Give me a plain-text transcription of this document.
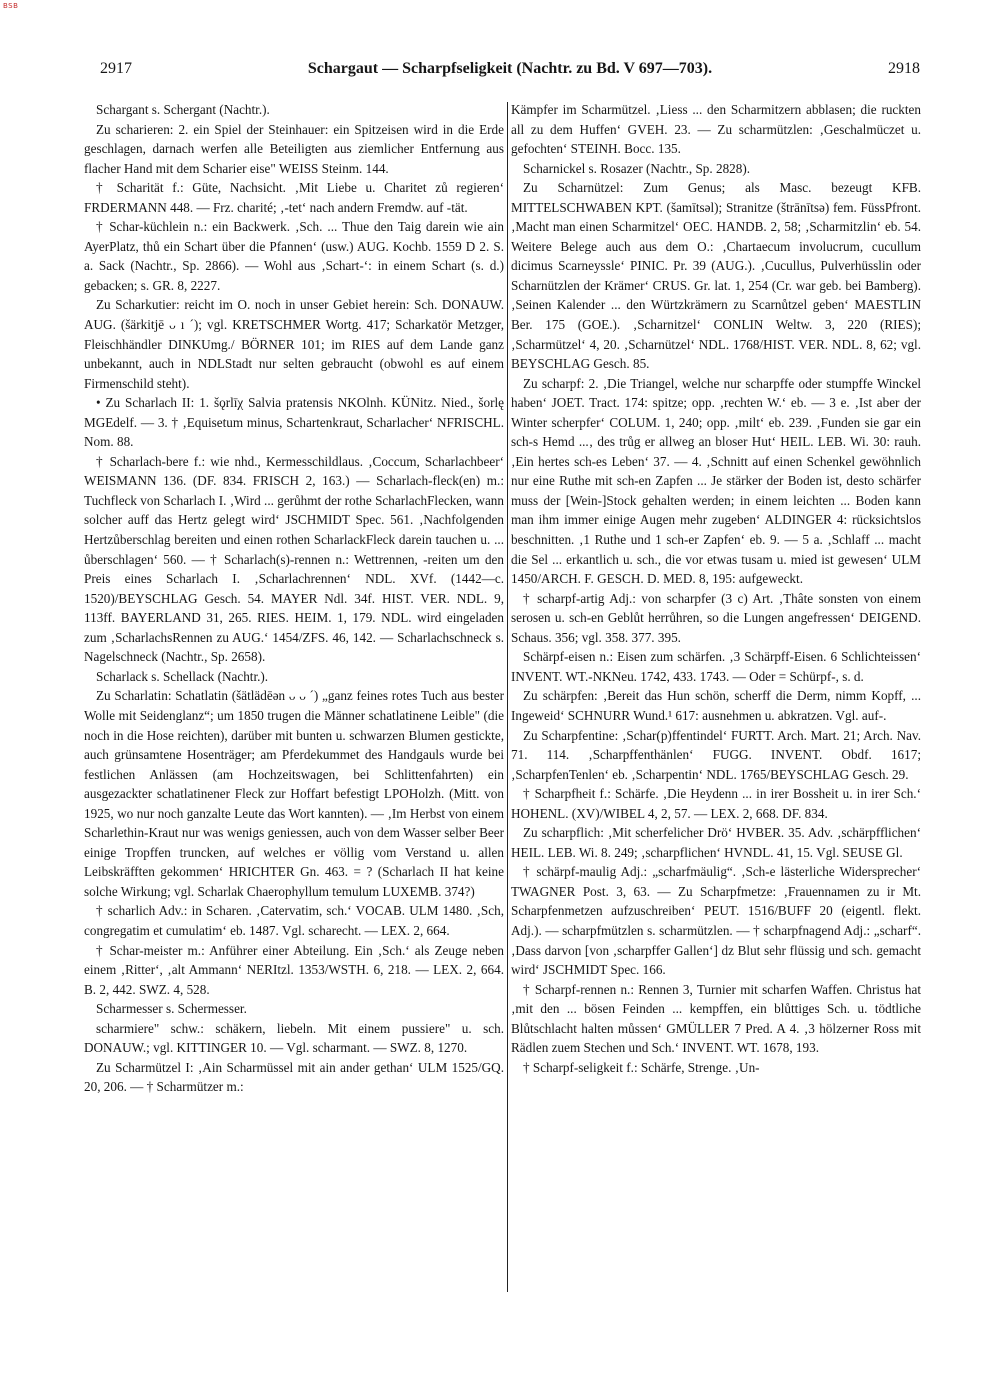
BSB
2917	Schargaut — Scharpfseligkeit (Nachtr. zu Bd. V 697—703).	2918

Schargant s. Schergant (Nachtr.).

Zu scharieren: 2. ein Spiel der Steinhauer: ein Spitzeisen wird in die Erde geschlagen, darnach werfen alle Beteiligten aus ziemlicher Entfernung aus flacher Hand mit dem Scharier eise" WEISS Steinm. 144.

† Scharität f.: Güte, Nachsicht. ‚Mit Liebe u. Charitet zů regieren‘ FRDERMANN 448. — Frz. charité; ‚-tet‘ nach andern Fremdw. auf -tät.

† Schar-küchlein n.: ein Backwerk. ‚Sch. ... Thue den Taig darein wie ain AyerPlatz, thů ein Schart über die Pfannen‘ (usw.) AUG. Kochb. 1559 D 2. S. a. Sack (Nachtr., Sp. 2866). — Wohl aus ‚Schart-‘: in einem Schart (s. d.) gebacken; s. GR. 8, 2227.

Zu Scharkutier: reicht im O. noch in unser Gebiet herein: Sch. DONAUW. AUG. (šärkitjē ᴗ ı ´); vgl. KRETSCHMER Wortg. 417; Scharkatör Metzger, Fleischhändler DINKUmg./ BÖRNER 101; im RIES auf dem Lande ganz unbekannt, auch in NDLStadt nur selten gebraucht (obwohl es auf einem Firmenschild steht).

• Zu Scharlach II: 1. šǫrlīχ Salvia pratensis NKOlnh. KÜNitz. Nied., šorlę MGEdelf. — 3. † ‚Equisetum minus, Schartenkraut, Scharlacher‘ NFRISCHL. Nom. 88.

† Scharlach-bere f.: wie nhd., Kermesschildlaus. ‚Coccum, Scharlachbeer‘ WEISMANN 136. (DF. 834. FRISCH 2, 163.) — Scharlach-fleck(en) m.: Tuchfleck von Scharlach I. ‚Wird ... gerůhmt der rothe ScharlachFlecken, wann solcher auff das Hertz gelegt wird‘ JSCHMIDT Spec. 561. ‚Nachfolgenden Hertzůberschlag bereiten und einen rothen ScharlackFleck darein tauchen u. ... ůberschlagen‘ 560. — † Scharlach(s)-rennen n.: Wettrennen, -reiten um den Preis eines Scharlach I. ‚Scharlachrennen‘ NDL. XVf. (1442—c. 1520)/BEYSCHLAG Gesch. 54. MAYER Ndl. 34f. HIST. VER. NDL. 9, 113ff. BAYERLAND 31, 265. RIES. HEIM. 1, 179. NDL. wird eingeladen zum ‚ScharlachsRennen zu AUG.‘ 1454/ZFS. 46, 142. — Scharlachschneck s. Nagelschneck (Nachtr., Sp. 2658).

Scharlack s. Schellack (Nachtr.).

Zu Scharlatin: Schatlatin (šätlädēən ᴗ ᴗ ´) „ganz feines rotes Tuch aus bester Wolle mit Seidenglanz“; um 1850 trugen die Männer schatlatinene Leible" (die noch in die Hose reichten), darüber mit bunten u. schwarzen Blumen gestickte, auch grünsamtene Hosenträger; am Pferdekummet des Handgauls wurde bei festlichen Anlässen (am Hochzeitswagen, bei Schlittenfahrten) ein ausgezackter schatlatinener Fleck zur Hoffart befestigt LPOHolzh. (Mitt. von 1925, wo nur noch ganzalte Leute das Wort kannten). — ‚Im Herbst von einem Scharlethin-Kraut nur was wenigs geniessen, auch von dem Wasser selber Beer einige Tropffen truncken, auf welches er völlig vom Verstand u. allen Leibskräfften gekommen‘ HRICHTER Gn. 463. = ? (Scharlach II hat keine solche Wirkung; vgl. Scharlak Chaerophyllum temulum LUXEMB. 374?)

† scharlich Adv.: in Scharen. ‚Catervatim, sch.‘ VOCAB. ULM 1480. ‚Sch, congregatim et cumulatim‘ eb. 1487. Vgl. scharecht. — LEX. 2, 664.

† Schar-meister m.: Anführer einer Abteilung. Ein ‚Sch.‘ als Zeuge neben einem ‚Ritter‘, ‚alt Ammann‘ NERItzl. 1353/WSTH. 6, 218. — LEX. 2, 664. B. 2, 442. SWZ. 4, 528.

Scharmesser s. Schermesser.

scharmiere" schw.: schäkern, liebeln. Mit einem pussiere" u. sch. DONAUW.; vgl. KITTINGER 10. — Vgl. scharmant. — SWZ. 8, 1270.

Zu Scharmützel I: ‚Ain Scharmüssel mit ain ander gethan‘ ULM 1525/GQ. 20, 206. — † Scharmützer m.:

Kämpfer im Scharmützel. ‚Liess ... den Scharmitzern abblasen; die ruckten all zu dem Huffen‘ GVEH. 23. — Zu scharmützlen: ‚Geschalmüczet u. gefochten‘ STEINH. Bocc. 135.

Scharnickel s. Rosazer (Nachtr., Sp. 2828).

Zu Scharnützel: Zum Genus; als Masc. bezeugt KFB. MITTELSCHWABEN KPT. (šamītsəl); Stranitze (štrānītsə) fem. FüssPfront. ‚Macht man einen Scharmitzel‘ OEC. HANDB. 2, 58; ‚Scharmitzlin‘ eb. 54. Weitere Belege auch aus dem O.: ‚Chartaecum involucrum, cucullum dicimus Scarneyssle‘ PINIC. Pr. 39 (AUG.). ‚Cucullus, Pulverhüsslin oder Scharnützlen der Krämer‘ CRUS. Gr. lat. 1, 254 (Cr. war geb. bei Bamberg). ‚Seinen Kalender ... den Würtzkrämern zu Scarnůtzel geben‘ MAESTLIN Ber. 175 (GOE.). ‚Scharnitzel‘ CONLIN Weltw. 3, 220 (RIES); ‚Scharmützel‘ 4, 20. ‚Scharnützel‘ NDL. 1768/HIST. VER. NDL. 8, 62; vgl. BEYSCHLAG Gesch. 85.

Zu scharpf: 2. ‚Die Triangel, welche nur scharpffe oder stumpffe Winckel haben‘ JOET. Tract. 174: spitze; opp. ‚rechten W.‘ eb. — 3 e. ‚Ist aber der Winter scherpfer‘ COLUM. 1, 240; opp. ‚milt‘ eb. 239. ‚Funden sie gar ein sch-s Hemd ...‚ des trůg er allweg an bloser Hut‘ HEIL. LEB. Wi. 30: rauh. ‚Ein hertes sch-es Leben‘ 37. — 4. ‚Schnitt auf einen Schenkel gewöhnlich nur eine Ruthe mit sch-en Zapfen ... Je stärker der Boden ist, desto schärfer muss der [Wein-]Stock gehalten werden; in einem leichten ... Boden kann man ihm immer einige Augen mehr zugeben‘ ALDINGER 4: rücksichtslos beschnitten. ‚1 Ruthe und 1 sch-er Zapfen‘ eb. 9. — 5 a. ‚Schlaff ... macht die Sel ... erkantlich u. sch., die vor etwas tusam u. mied ist gewesen‘ ULM 1450/ARCH. F. GESCH. D. MED. 8, 195: aufgeweckt.

† scharpf-artig Adj.: von scharpfer (3 c) Art. ‚Thâte sonsten von einem serosen u. sch-en Geblůt herrůhren, so die Lungen angefressen‘ DEIGEND. Schaus. 356; vgl. 358. 377. 395.

Schärpf-eisen n.: Eisen zum schärfen. ‚3 Schärpff-Eisen. 6 Schlichteissen‘ INVENT. WT.-NKNeu. 1742, 433. 1743. — Oder = Schürpf-, s. d.

Zu schärpfen: ‚Bereit das Hun schön, scherff die Derm, nimm Kopff, ... Ingeweid‘ SCHNURR Wund.¹ 617: ausnehmen u. abkratzen. Vgl. auf-.

Zu Scharpfentine: ‚Schar(p)ffentindel‘ FURTT. Arch. Mart. 21; Arch. Nav. 71. 114. ‚Scharpffenthänlen‘ FUGG. INVENT. Obdf. 1617; ‚ScharpfenTenlen‘ eb. ‚Scharpentin‘ NDL. 1765/BEYSCHLAG Gesch. 29.

† Scharpfheit f.: Schärfe. ‚Die Heydenn ... in irer Bossheit u. in irer Sch.‘ HOHENL. (XV)/WIBEL 4, 2, 57. — LEX. 2, 668. DF. 834.

Zu scharpflich: ‚Mit scherfelicher Drö‘ HVBER. 35. Adv. ‚schärpfflichen‘ HEIL. LEB. Wi. 8. 249; ‚scharpflichen‘ HVNDL. 41, 15. Vgl. SEUSE Gl.

† schärpf-maulig Adj.: „scharfmäulig“. ‚Sch-e lästerliche Widersprecher‘ TWAGNER Post. 3, 63. — Zu Scharpfmetze: ‚Frauennamen zu ir Mt. Scharpfenmetzen aufzuschreiben‘ PEUT. 1516/BUFF 20 (eigentl. flekt. Adj.). — scharpfmützlen s. scharmützlen. — † scharpfnagend Adj.: „scharf“. ‚Dass darvon [von ‚scharpffer Gallen‘] dz Blut sehr flüssig und sch. gemacht wird‘ JSCHMIDT Spec. 166.

† Scharpf-rennen n.: Rennen 3, Turnier mit scharfen Waffen. Christus hat ‚mit den ... bösen Feinden ... kempffen, ein blůttiges Sch. u. tödtliche Blůtschlacht halten můssen‘ GMÜLLER 7 Pred. A 4. ‚3 hölzerner Ross mit Rädlen zuem Stechen und Sch.‘ INVENT. WT. 1678, 193.

† Scharpf-seligkeit f.: Schärfe, Strenge. ‚Un-
